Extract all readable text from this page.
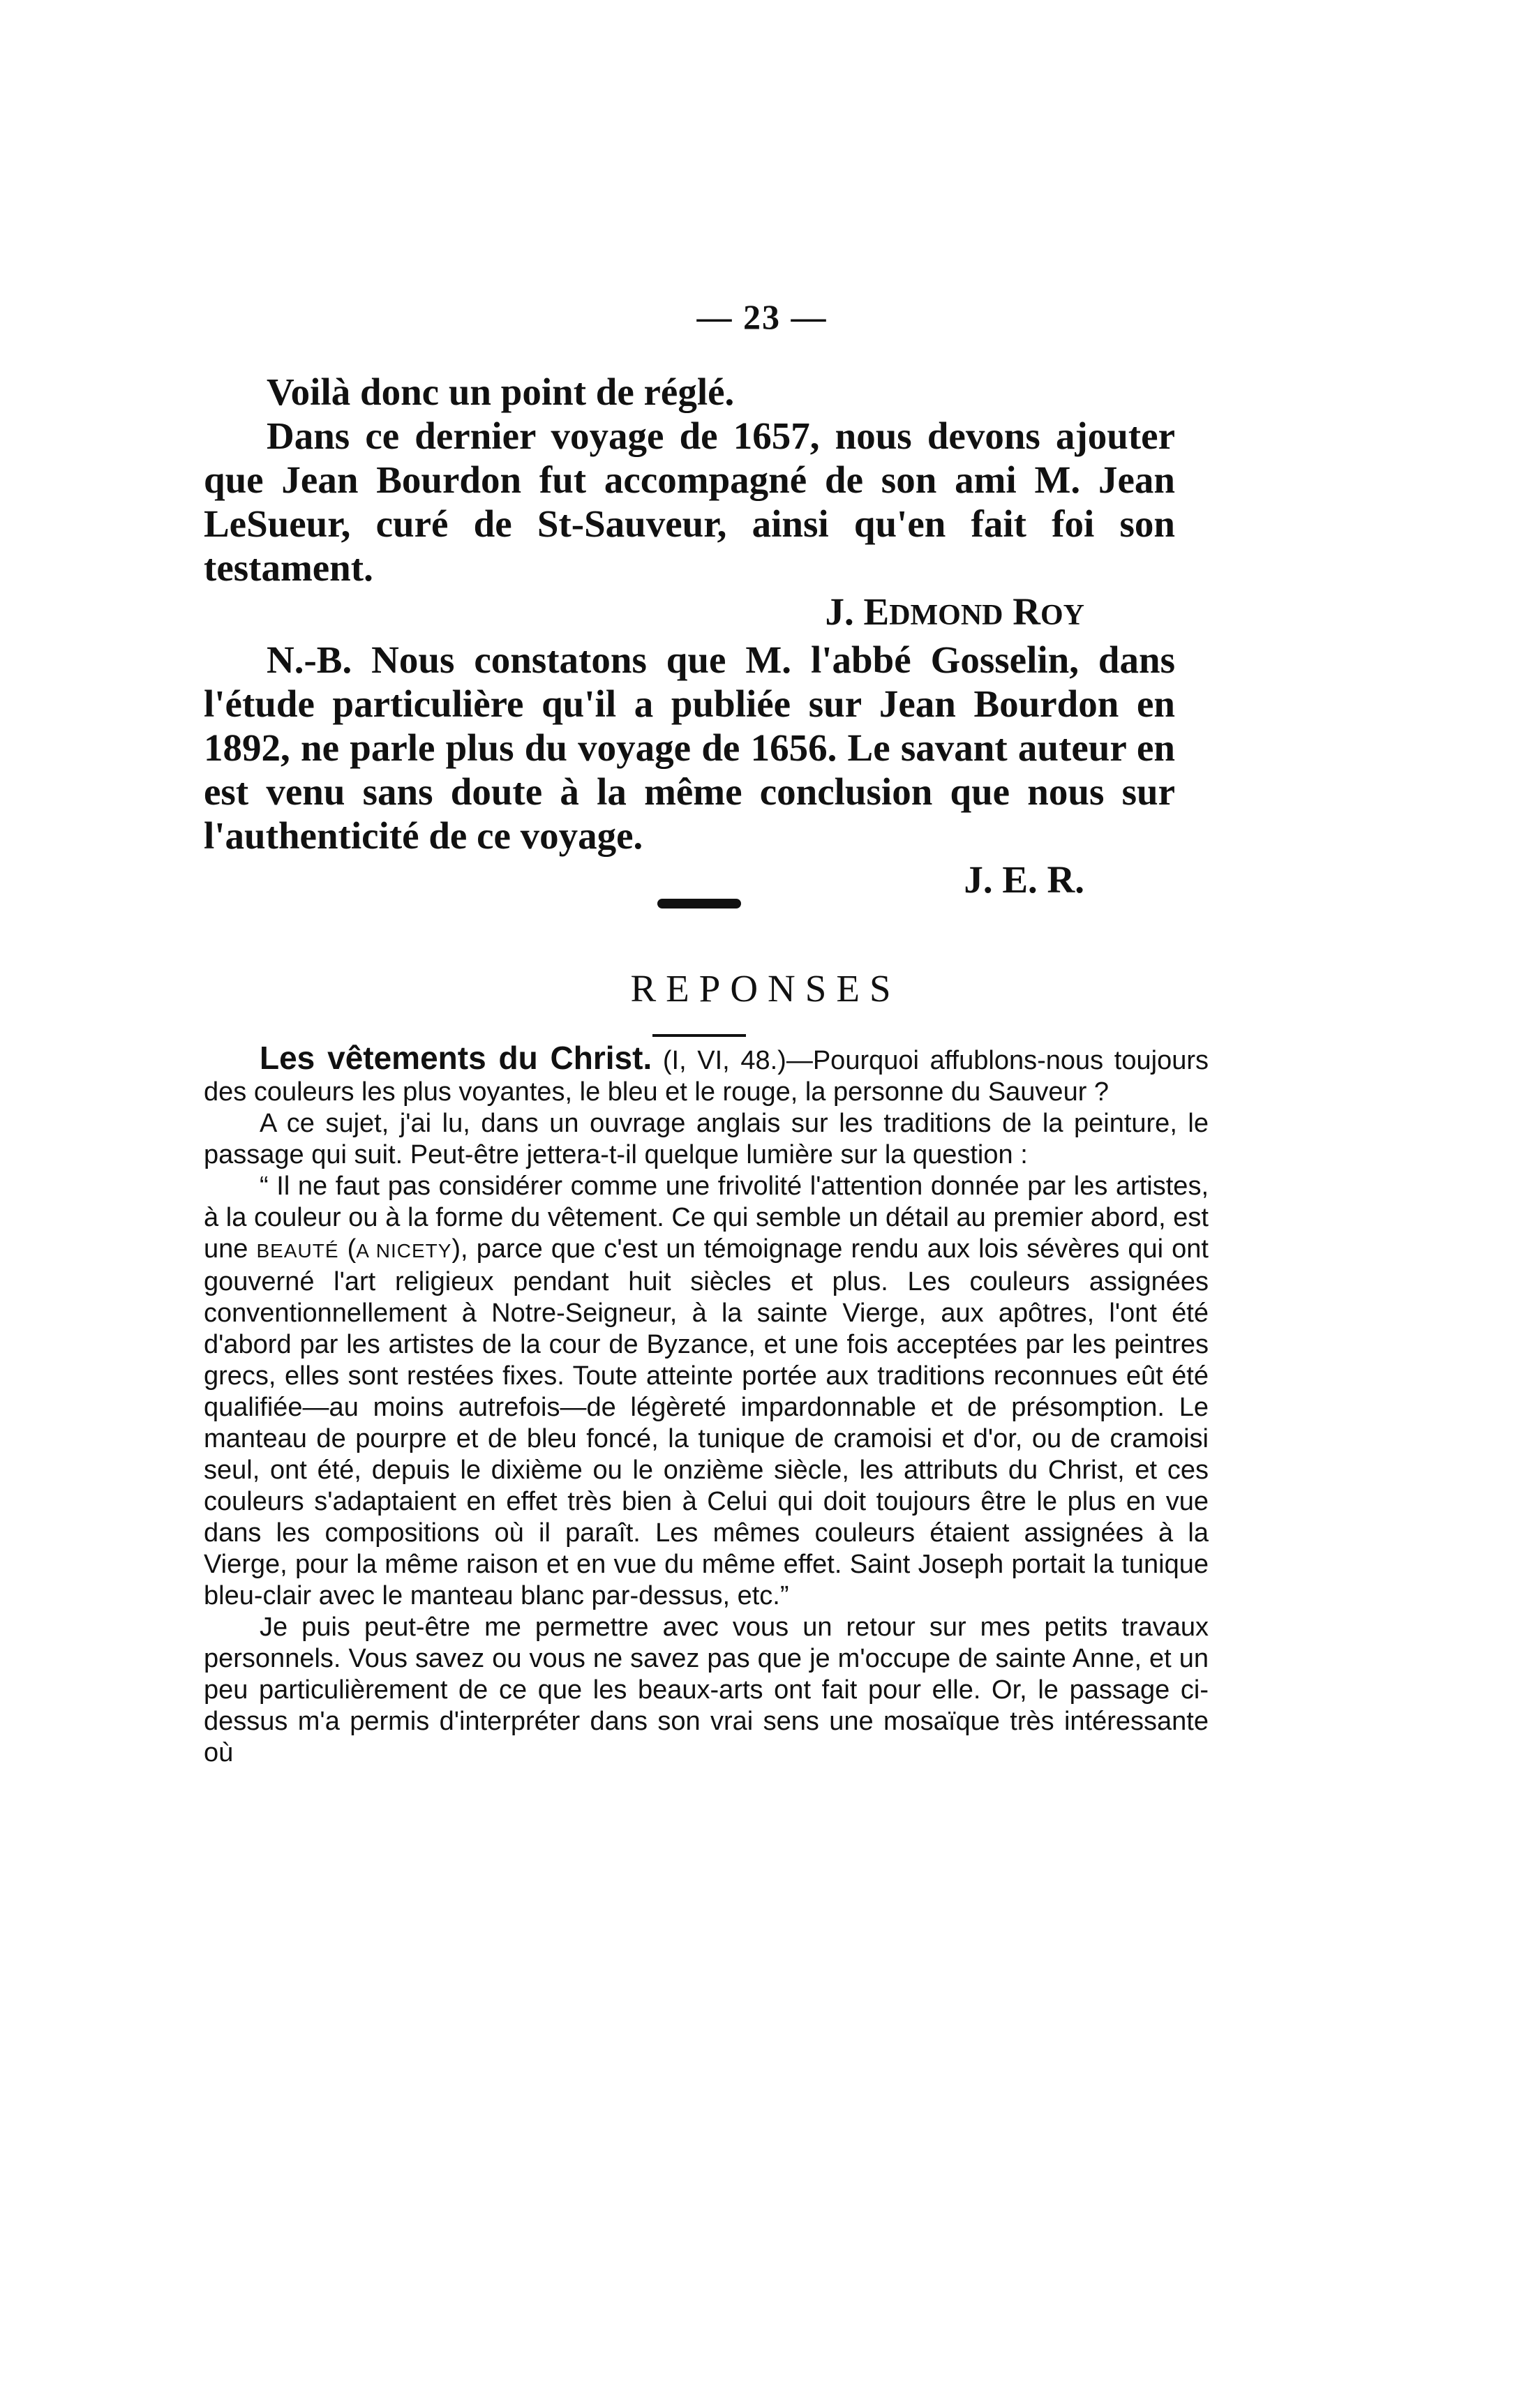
— 23 —

Voilà donc un point de réglé.

Dans ce dernier voyage de 1657, nous devons ajouter que Jean Bourdon fut accompagné de son ami M. Jean LeSueur, curé de St-Sauveur, ainsi qu'en fait foi son testament.

J. EDMOND ROY

N.-B. Nous constatons que M. l'abbé Gosselin, dans l'étude particulière qu'il a publiée sur Jean Bourdon en 1892, ne parle plus du voyage de 1656. Le savant auteur en est venu sans doute à la même conclusion que nous sur l'authenticité de ce voyage.

J. E. R.

REPONSES

Les vêtements du Christ. (I, VI, 48.)—Pourquoi affublons-nous toujours des couleurs les plus voyantes, le bleu et le rouge, la personne du Sauveur ?

A ce sujet, j'ai lu, dans un ouvrage anglais sur les traditions de la peinture, le passage qui suit. Peut-être jettera-t-il quelque lumière sur la question :

“ Il ne faut pas considérer comme une frivolité l'attention donnée par les artistes, à la couleur ou à la forme du vêtement. Ce qui semble un détail au premier abord, est une BEAUTÉ (A NICETY), parce que c'est un témoignage rendu aux lois sévères qui ont gouverné l'art religieux pendant huit siècles et plus. Les couleurs assignées conventionnellement à Notre-Seigneur, à la sainte Vierge, aux apôtres, l'ont été d'abord par les artistes de la cour de Byzance, et une fois acceptées par les peintres grecs, elles sont restées fixes. Toute atteinte portée aux traditions reconnues eût été qualifiée—au moins autrefois—de légèreté impardonnable et de présomption. Le manteau de pourpre et de bleu foncé, la tunique de cramoisi et d'or, ou de cramoisi seul, ont été, depuis le dixième ou le onzième siècle, les attributs du Christ, et ces couleurs s'adaptaient en effet très bien à Celui qui doit toujours être le plus en vue dans les compositions où il paraît. Les mêmes couleurs étaient assignées à la Vierge, pour la même raison et en vue du même effet. Saint Joseph portait la tunique bleu-clair avec le manteau blanc par-dessus, etc.”

Je puis peut-être me permettre avec vous un retour sur mes petits travaux personnels. Vous savez ou vous ne savez pas que je m'occupe de sainte Anne, et un peu particulièrement de ce que les beaux-arts ont fait pour elle. Or, le passage ci-dessus m'a permis d'interpréter dans son vrai sens une mosaïque très intéressante où
